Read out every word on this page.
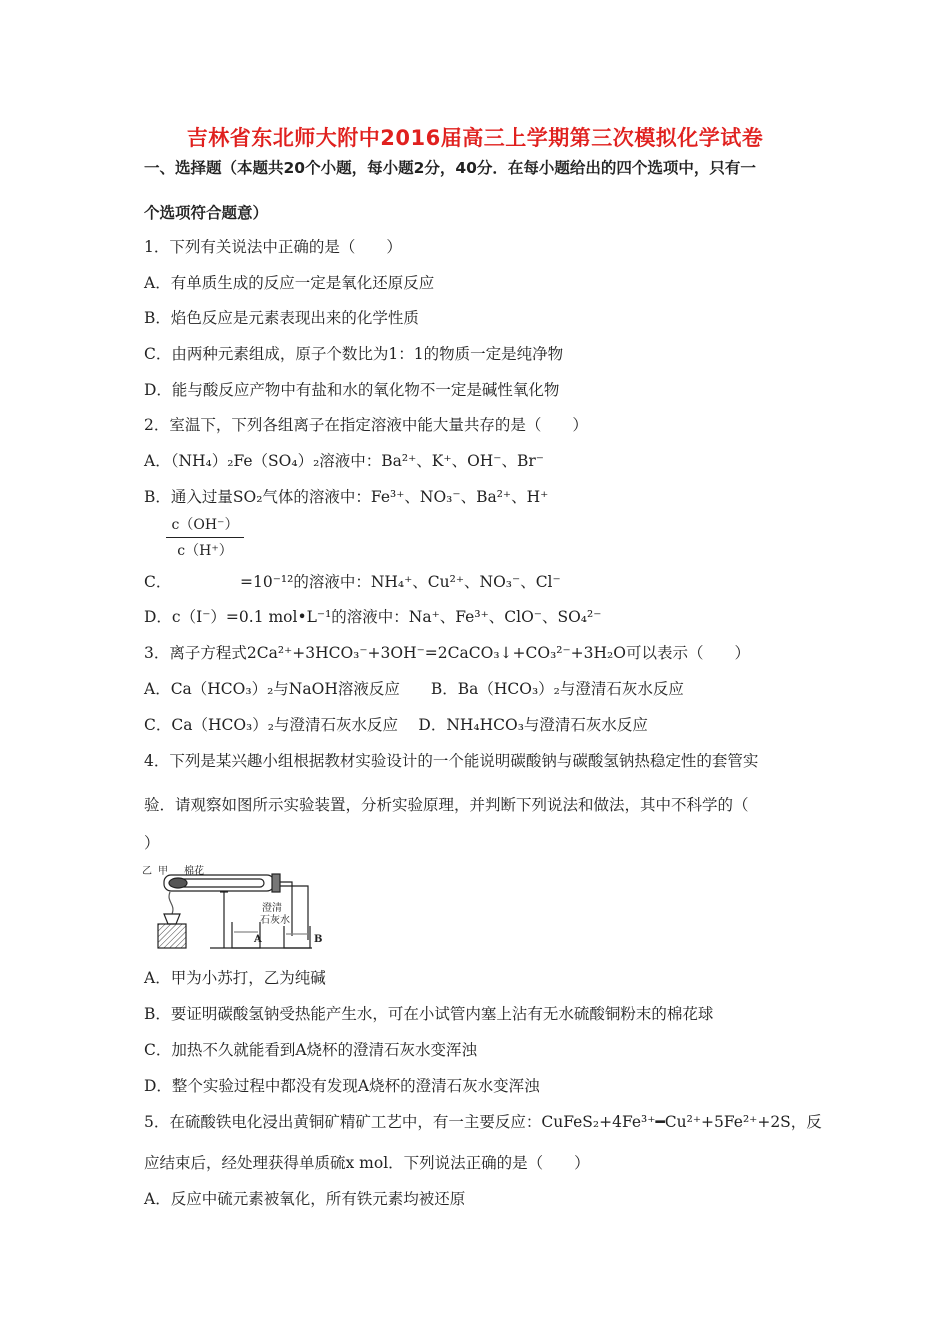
吉林省东北师大附中2016届高三上学期第三次模拟化学试卷
一、选择题（本题共20个小题，每小题2分，40分．在每小题给出的四个选项中，只有一
个选项符合题意）
1．下列有关说法中正确的是（　　）
A．有单质生成的反应一定是氧化还原反应
B．焰色反应是元素表现出来的化学性质
C．由两种元素组成，原子个数比为1：1的物质一定是纯净物
D．能与酸反应产物中有盐和水的氧化物不一定是碱性氧化物
2．室温下，下列各组离子在指定溶液中能大量共存的是（　　）
A．（NH₄）₂Fe（SO₄）₂溶液中：Ba²⁺、K⁺、OH⁻、Br⁻
B．通入过量SO₂气体的溶液中：Fe³⁺、NO₃⁻、Ba²⁺、H⁺
$\frac{c(OH^-)}{c(H^+)}$
C．	=10⁻¹²的溶液中：NH₄⁺、Cu²⁺、NO₃⁻、Cl⁻
D．c（I⁻）=0.1 mol•L⁻¹的溶液中：Na⁺、Fe³⁺、ClO⁻、SO₄²⁻
3．离子方程式2Ca²⁺+3HCO₃⁻+3OH⁻=2CaCO₃↓+CO₃²⁻+3H₂O可以表示（　　）
A．Ca（HCO₃）₂与NaOH溶液反应　　B．Ba（HCO₃）₂与澄清石灰水反应
C．Ca（HCO₃）₂与澄清石灰水反应　 D．NH₄HCO₃与澄清石灰水反应
4．下列是某兴趣小组根据教材实验设计的一个能说明碳酸钠与碳酸氢钠热稳定性的套管实
验．请观察如图所示实验装置，分析实验原理，并判断下列说法和做法，其中不科学的（
）
乙 甲 棉花
澄清
石灰水
A	B
A．甲为小苏打，乙为纯碱
B．要证明碳酸氢钠受热能产生水，可在小试管内塞上沾有无水硫酸铜粉末的棉花球
C．加热不久就能看到A烧杯的澄清石灰水变浑浊
D．整个实验过程中都没有发现A烧杯的澄清石灰水变浑浊
5．在硫酸铁电化浸出黄铜矿精矿工艺中，有一主要反应：CuFeS₂+4Fe³⁺━Cu²⁺+5Fe²⁺+2S，反
应结束后，经处理获得单质硫x mol．下列说法正确的是（　　）
A．反应中硫元素被氧化，所有铁元素均被还原
